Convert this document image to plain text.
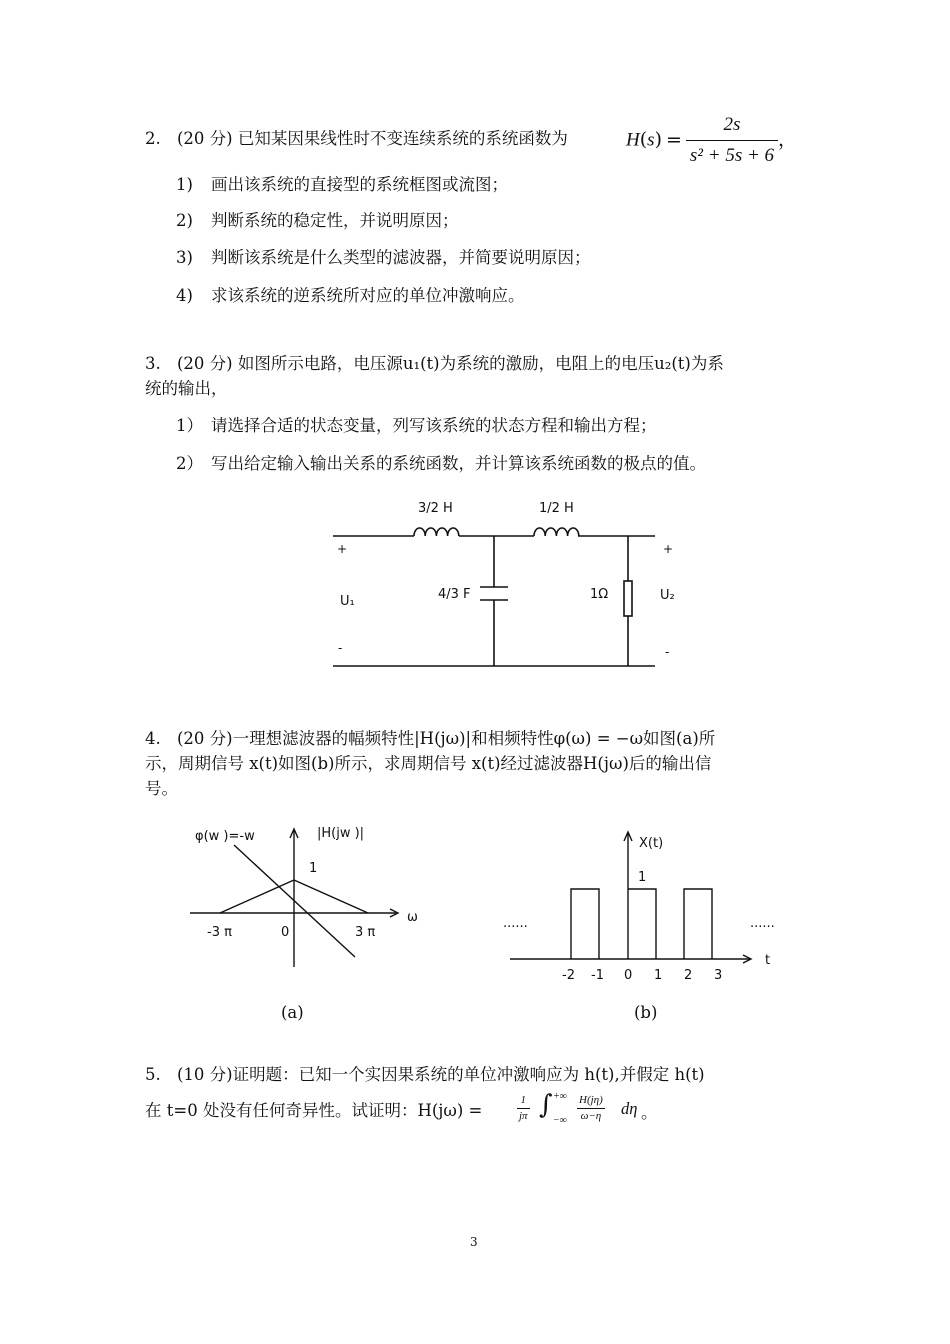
2. (20 分) 已知某因果线性时不变连续系统的系统函数为	$H(s) = \frac{2s}{\text{s² + 5s + 6}}$ ，
1) 画出该系统的直接型的系统框图或流图；
2) 判断系统的稳定性，并说明原因；
3) 判断该系统是什么类型的滤波器，并简要说明原因；
4) 求该系统的逆系统所对应的单位冲激响应。
3. (20 分) 如图所示电路，电压源u₁(t)为系统的激励，电阻上的电压u₂(t)为系
统的输出，
1） 请选择合适的状态变量，列写该系统的状态方程和输出方程；
2） 写出给定输入输出关系的系统函数，并计算该系统函数的极点的值。
3/2 H	1/2 H
4/3 F	1Ω
+
U₁
-
+
U₂
-
4. (20 分)一理想滤波器的幅频特性|H(jω)|和相频特性φ(ω) = −ω如图(a)所
示，周期信号 x(t)如图(b)所示，求周期信号 x(t)经过滤波器H(jω)后的输出信
号。
φ(w )=-w	|H(jw )|
1
ω
-3 π	0	3 π
(a)
X(t)
1
t
......	......
-2 -1 0 1 2 3
(b)
5. (10 分)证明题：已知一个实因果系统的单位冲激响应为 h(t),并假定 h(t)
在 t=0 处没有任何奇异性。试证明：H(jω) =	$\frac{1}{j\pi}$ ∫ +∞
−∞ $\frac{H(j\eta)}{\omega-\eta}$ dη 。
3
